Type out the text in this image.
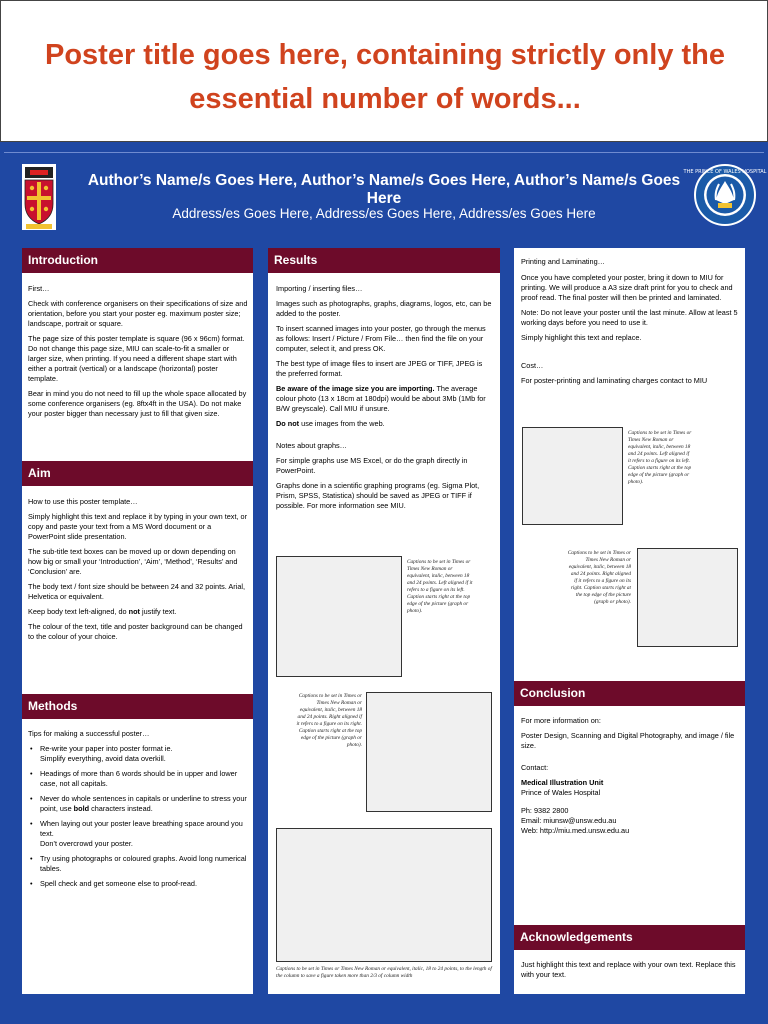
Poster title goes here, containing strictly only the essential number of words...
THE PRINCE OF WALES HOSPITAL
Author’s Name/s Goes Here, Author’s Name/s Goes Here, Author’s Name/s Goes Here
Address/es Goes Here, Address/es Goes Here, Address/es Goes Here
Introduction

First…

Check with conference organisers on their specifications of size and orientation, before you start your poster eg. maximum poster size; landscape, portrait or square.

The page size of this poster template is square (96 x 96cm) format. Do not change this page size, MIU can scale-to-fit a smaller or larger size, when printing. If you need a different shape start with either a portrait (vertical) or a landscape (horizontal) poster template.

Bear in mind you do not need to fill up the whole space allocated by some conference organisers (eg. 8ftx4ft in the USA). Do not make your poster bigger than necessary just to fill that given size.

Aim

How to use this poster template…

Simply highlight this text and replace it by typing in your own text, or copy and paste your text from a MS Word document or a PowerPoint slide presentation.

The sub-title text boxes can be moved up or down depending on how big or small your ‘Introduction’, ‘Aim’, ‘Method’, ‘Results’ and ‘Conclusion’ are.

The body text / font size should be between 24 and 32 points. Arial, Helvetica or equivalent.

Keep body text left-aligned, do not justify text.

The colour of the text, title and poster background can be changed to the colour of your choice.

Methods

Tips for making a successful poster…

• Re-write your paper into poster format ie.
Simplify everything, avoid data overkill.
• Headings of more than 6 words should be in upper and lower case, not all capitals.
• Never do whole sentences in capitals or underline to stress your point, use bold characters instead.
• When laying out your poster leave breathing space around you text.
Don’t overcrowd your poster.
• Try using photographs or coloured graphs. Avoid long numerical tables.
• Spell check and get someone else to proof-read.
Results

Importing / inserting files…

Images such as photographs, graphs, diagrams, logos, etc, can be added to the poster.

To insert scanned images into your poster, go through the menus as follows: Insert / Picture / From File… then find the file on your computer, select it, and press OK.

The best type of image files to insert are JPEG or TIFF, JPEG is the preferred format.

Be aware of the image size you are importing. The average colour photo (13 x 18cm at 180dpi) would be about 3Mb (1Mb for B/W greyscale). Call MIU if unsure.

Do not use images from the web.

Notes about graphs…

For simple graphs use MS Excel, or do the graph directly in PowerPoint.

Graphs done in a scientific graphing programs (eg. Sigma Plot, Prism, SPSS, Statistica) should be saved as JPEG or TIFF if possible. For more information see MIU.

Captions to be set in Times or Times New Roman or equivalent, italic, between 18 and 24 points. Left aligned if it refers to a figure on its left. Caption starts right at the top edge of the picture (graph or photo).
Captions to be set in Times or Times New Roman or equivalent, italic, between 18 and 24 points. Right aligned if it refers to a figure on its right. Caption starts right at the top edge of the picture (graph or photo).
Captions to be set in Times or Times New Roman or equivalent, italic, 18 to 24 points, to the length of the column to save a figure taken more than 2/3 of column width

Printing and Laminating…

Once you have completed your poster, bring it down to MIU for printing. We will produce a A3 size draft print for you to check and proof read. The final poster will then be printed and laminated.

Note: Do not leave your poster until the last minute. Allow at least 5 working days before you need to use it.

Simply highlight this text and replace.

Cost…

For poster-printing and laminating charges contact to MIU

Captions to be set in Times or Times New Roman or equivalent, italic, between 18 and 24 points. Left aligned if it refers to a figure on its left. Caption starts right at the top edge of the picture (graph or photo).
Captions to be set in Times or Times New Roman or equivalent, italic, between 18 and 24 points. Right aligned if it refers to a figure on its right. Caption starts right at the top edge of the picture (graph or photo).
Conclusion

For more information on:

Poster Design, Scanning and Digital Photography, and image / file size.

Contact:

Medical Illustration Unit
Prince of Wales Hospital

Ph: 9382 2800
Email: miunsw@unsw.edu.au
Web: http://miu.med.unsw.edu.au

Acknowledgements

Just highlight this text and replace with your own text. Replace this with your text.
